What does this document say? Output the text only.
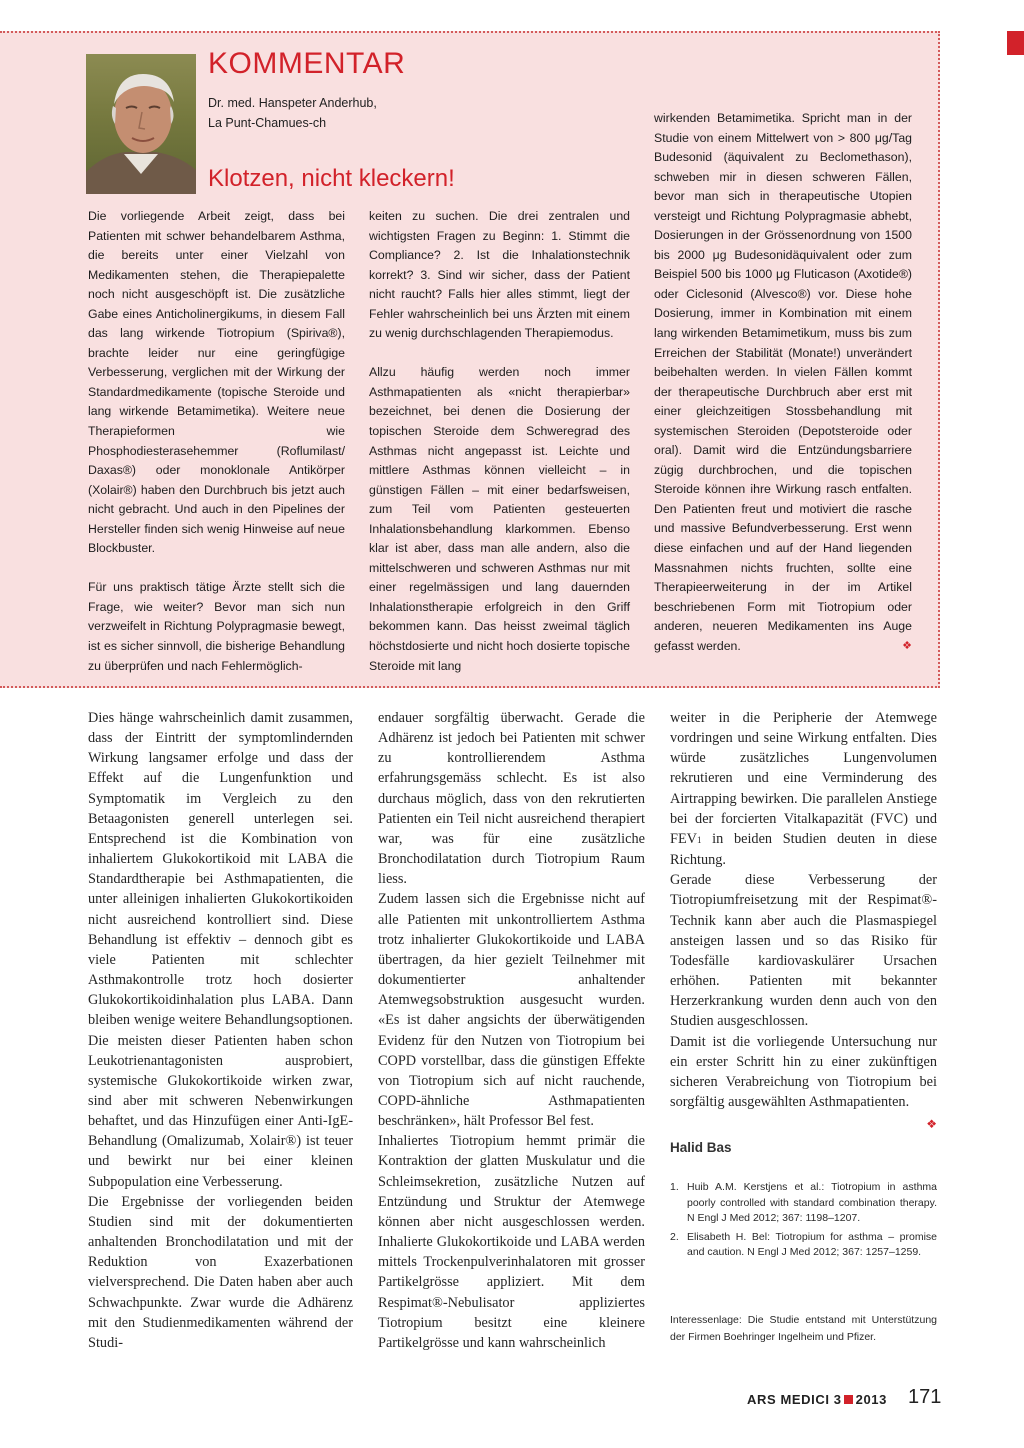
KOMMENTAR
Dr. med. Hanspeter Anderhub,
La Punt-Chamues-ch
Klotzen, nicht kleckern!

Die vorliegende Arbeit zeigt, dass bei Patienten mit schwer behandelbarem Asthma, die bereits unter einer Vielzahl von Medikamenten stehen, die Therapiepalette noch nicht ausgeschöpft ist. Die zusätzliche Gabe eines Anticholinergikums, in diesem Fall das lang wirkende Tiotropium (Spiriva®), brachte leider nur eine geringfügige Verbesserung, verglichen mit der Wirkung der Standardmedikamente (topische Steroide und lang wirkende Betamimetika). Weitere neue Therapieformen wie Phosphodiesterasehemmer (Roflumilast/ Daxas®) oder monoklonale Antikörper (Xolair®) haben den Durchbruch bis jetzt auch nicht gebracht. Und auch in den Pipelines der Hersteller finden sich wenig Hinweise auf neue Blockbuster.

Für uns praktisch tätige Ärzte stellt sich die Frage, wie weiter? Bevor man sich nun verzweifelt in Richtung Polypragmasie bewegt, ist es sicher sinnvoll, die bisherige Behandlung zu überprüfen und nach Fehlermöglich-

keiten zu suchen. Die drei zentralen und wichtigsten Fragen zu Beginn: 1. Stimmt die Compliance? 2. Ist die Inhalationstechnik korrekt? 3. Sind wir sicher, dass der Patient nicht raucht? Falls hier alles stimmt, liegt der Fehler wahrscheinlich bei uns Ärzten mit einem zu wenig durchschlagenden Therapiemodus.

Allzu häufig werden noch immer Asthmapatienten als «nicht therapierbar» bezeichnet, bei denen die Dosierung der topischen Steroide dem Schweregrad des Asthmas nicht angepasst ist. Leichte und mittlere Asthmas können vielleicht – in günstigen Fällen – mit einer bedarfsweisen, zum Teil vom Patienten gesteuerten Inhalationsbehandlung klarkommen. Ebenso klar ist aber, dass man alle andern, also die mittelschweren und schweren Asthmas nur mit einer regelmässigen und lang dauernden Inhalationstherapie erfolgreich in den Griff bekommen kann. Das heisst zweimal täglich höchstdosierte und nicht hoch dosierte topische Steroide mit lang

wirkenden Betamimetika. Spricht man in der Studie von einem Mittelwert von > 800 μg/Tag Budesonid (äquivalent zu Beclomethason), schweben mir in diesen schweren Fällen, bevor man sich in therapeutische Utopien versteigt und Richtung Polypragmasie abhebt, Dosierungen in der Grössenordnung von 1500 bis 2000 μg Budesonidäquivalent oder zum Beispiel 500 bis 1000 μg Fluticason (Axotide®) oder Ciclesonid (Alvesco®) vor. Diese hohe Dosierung, immer in Kombination mit einem lang wirkenden Betamimetikum, muss bis zum Erreichen der Stabilität (Monate!) unverändert beibehalten werden. In vielen Fällen kommt der therapeutische Durchbruch aber erst mit einer gleichzeitigen Stossbehandlung mit systemischen Steroiden (Depotsteroide oder oral). Damit wird die Entzündungsbarriere zügig durchbrochen, und die topischen Steroide können ihre Wirkung rasch entfalten. Den Patienten freut und motiviert die rasche und massive Befundverbesserung. Erst wenn diese einfachen und auf der Hand liegenden Massnahmen nichts fruchten, sollte eine Therapieerweiterung in der im Artikel beschriebenen Form mit Tiotropium oder anderen, neueren Medikamenten ins Auge gefasst werden.	❖

Dies hänge wahrscheinlich damit zusammen, dass der Eintritt der symptomlindernden Wirkung langsamer erfolge und dass der Effekt auf die Lungenfunktion und Symptomatik im Vergleich zu den Betaagonisten generell unterlegen sei. Entsprechend ist die Kombination von inhaliertem Glukokortikoid mit LABA die Standardtherapie bei Asthmapatienten, die unter alleinigen inhalierten Glukokortikoiden nicht ausreichend kontrolliert sind. Diese Behandlung ist effektiv – dennoch gibt es viele Patienten mit schlechter Asthmakontrolle trotz hoch dosierter Glukokortikoidinhalation plus LABA. Dann bleiben wenige weitere Behandlungsoptionen. Die meisten dieser Patienten haben schon Leukotrienantagonisten ausprobiert, systemische Glukokortikoide wirken zwar, sind aber mit schweren Nebenwirkungen behaftet, und das Hinzufügen einer Anti-IgE-Behandlung (Omalizumab, Xolair®) ist teuer und bewirkt nur bei einer kleinen Subpopulation eine Verbesserung.

Die Ergebnisse der vorliegenden beiden Studien sind mit der dokumentierten anhaltenden Bronchodilatation und mit der Reduktion von Exazerbationen vielversprechend. Die Daten haben aber auch Schwachpunkte. Zwar wurde die Adhärenz mit den Studienmedikamenten während der Studi-

endauer sorgfältig überwacht. Gerade die Adhärenz ist jedoch bei Patienten mit schwer zu kontrollierendem Asthma erfahrungsgemäss schlecht. Es ist also durchaus möglich, dass von den rekrutierten Patienten ein Teil nicht ausreichend therapiert war, was für eine zusätzliche Bronchodilatation durch Tiotropium Raum liess.

Zudem lassen sich die Ergebnisse nicht auf alle Patienten mit unkontrolliertem Asthma trotz inhalierter Glukokortikoide und LABA übertragen, da hier gezielt Teilnehmer mit dokumentierter anhaltender Atemwegsobstruktion ausgesucht wurden. «Es ist daher angsichts der überwätigenden Evidenz für den Nutzen von Tiotropium bei COPD vorstellbar, dass die günstigen Effekte von Tiotropium sich auf nicht rauchende, COPD-ähnliche Asthmapatienten beschränken», hält Professor Bel fest.

Inhaliertes Tiotropium hemmt primär die Kontraktion der glatten Muskulatur und die Schleimsekretion, zusätzliche Nutzen auf Entzündung und Struktur der Atemwege können aber nicht ausgeschlossen werden. Inhalierte Glukokortikoide und LABA werden mittels Trockenpulverinhalatoren mit grosser Partikelgrösse appliziert. Mit dem Respimat®-Nebulisator appliziertes Tiotropium besitzt eine kleinere Partikelgrösse und kann wahrscheinlich

weiter in die Peripherie der Atemwege vordringen und seine Wirkung entfalten. Dies würde zusätzliches Lungenvolumen rekrutieren und eine Verminderung des Airtrapping bewirken. Die parallelen Anstiege bei der forcierten Vitalkapazität (FVC) und FEV1 in beiden Studien deuten in diese Richtung.

Gerade diese Verbesserung der Tiotropiumfreisetzung mit der Respimat®-Technik kann aber auch die Plasmaspiegel ansteigen lassen und so das Risiko für Todesfälle kardiovaskulärer Ursachen erhöhen. Patienten mit bekannter Herzerkrankung wurden denn auch von den Studien ausgeschlossen.

Damit ist die vorliegende Untersuchung nur ein erster Schritt hin zu einer zukünftigen sicheren Verabreichung von Tiotropium bei sorgfältig ausgewählten Asthmapatienten.

❖
Halid Bas
1. Huib A.M. Kerstjens et al.: Tiotropium in asthma poorly controlled with standard combination therapy. N Engl J Med 2012; 367: 1198–1207.
2. Elisabeth H. Bel: Tiotropium for asthma – promise and caution. N Engl J Med 2012; 367: 1257–1259.
Interessenlage: Die Studie entstand mit Unterstützung der Firmen Boehringer Ingelheim und Pfizer.
ARS MEDICI 3 2013 171
